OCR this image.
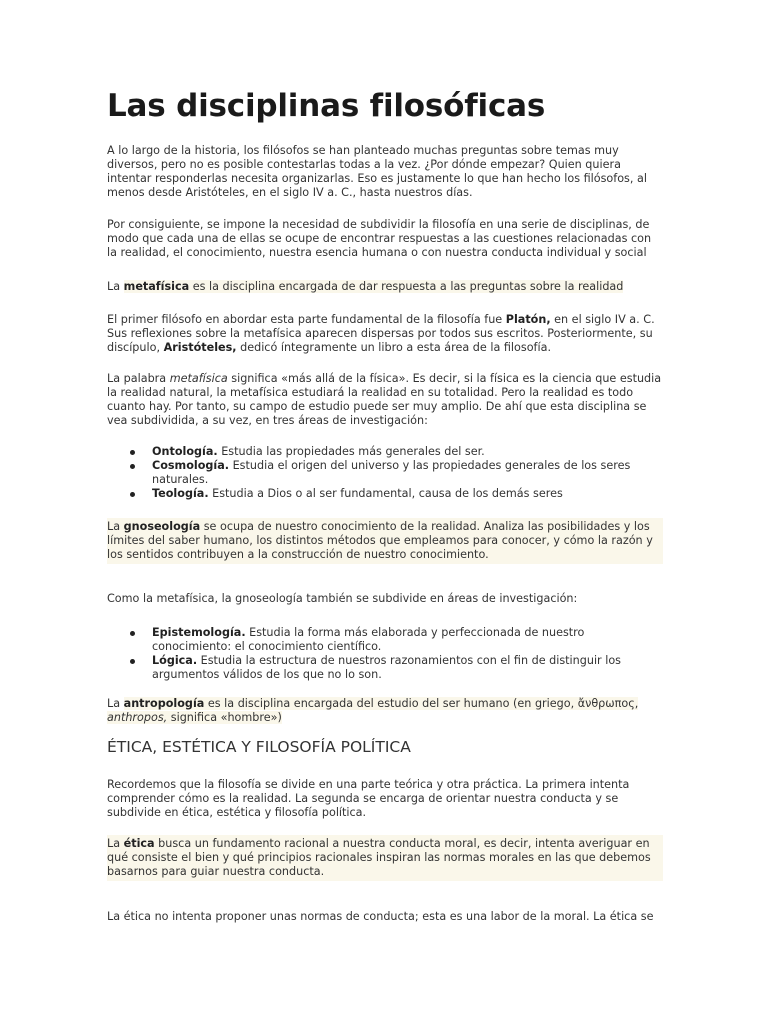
Las disciplinas filosóficas

A lo largo de la historia, los filósofos se han planteado muchas preguntas sobre temas muy diversos, pero no es posible contestarlas todas a la vez. ¿Por dónde empezar? Quien quiera intentar responderlas necesita organizarlas. Eso es justamente lo que han hecho los filósofos, al menos desde Aristóteles, en el siglo IV a. C., hasta nuestros días.

Por consiguiente, se impone la necesidad de subdividir la filosofía en una serie de disciplinas, de modo que cada una de ellas se ocupe de encontrar respuestas a las cuestiones relacionadas con la realidad, el conocimiento, nuestra esencia humana o con nuestra conducta individual y social

La metafísica es la disciplina encargada de dar respuesta a las preguntas sobre la realidad

El primer filósofo en abordar esta parte fundamental de la filosofía fue Platón, en el siglo IV a. C. Sus reflexiones sobre la metafísica aparecen dispersas por todos sus escritos. Posteriormente, su discípulo, Aristóteles, dedicó íntegramente un libro a esta área de la filosofía.

La palabra metafísica significa «más allá de la física». Es decir, si la física es la ciencia que estudia la realidad natural, la metafísica estudiará la realidad en su totalidad. Pero la realidad es todo cuanto hay. Por tanto, su campo de estudio puede ser muy amplio. De ahí que esta disciplina se vea subdividida, a su vez, en tres áreas de investigación:

Ontología. Estudia las propiedades más generales del ser.
Cosmología. Estudia el origen del universo y las propiedades generales de los seres naturales.
Teología. Estudia a Dios o al ser fundamental, causa de los demás seres

La gnoseología se ocupa de nuestro conocimiento de la realidad. Analiza las posibilidades y los límites del saber humano, los distintos métodos que empleamos para conocer, y cómo la razón y los sentidos contribuyen a la construcción de nuestro conocimiento.

Como la metafísica, la gnoseología también se subdivide en áreas de investigación:

Epistemología. Estudia la forma más elaborada y perfeccionada de nuestro conocimiento: el conocimiento científico.
Lógica. Estudia la estructura de nuestros razonamientos con el fin de distinguir los argumentos válidos de los que no lo son.

La antropología es la disciplina encargada del estudio del ser humano (en griego, ἄνθρωπος, anthropos, significa «hombre»)

ÉTICA, ESTÉTICA Y FILOSOFÍA POLÍTICA

Recordemos que la filosofía se divide en una parte teórica y otra práctica. La primera intenta comprender cómo es la realidad. La segunda se encarga de orientar nuestra conducta y se subdivide en ética, estética y filosofía política.

La ética busca un fundamento racional a nuestra conducta moral, es decir, intenta averiguar en qué consiste el bien y qué principios racionales inspiran las normas morales en las que debemos basarnos para guiar nuestra conducta.

La ética no intenta proponer unas normas de conducta; esta es una labor de la moral. La ética se
